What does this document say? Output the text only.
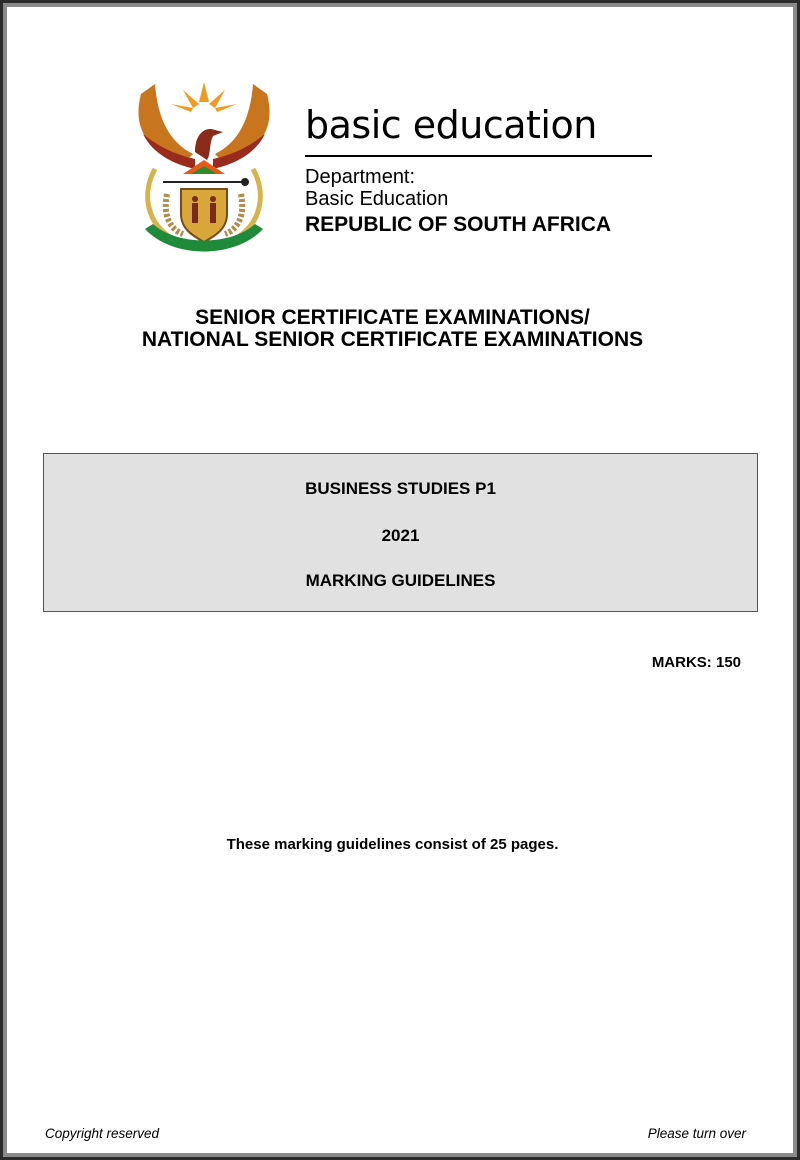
basic education
Department:
Basic Education
REPUBLIC OF SOUTH AFRICA
SENIOR CERTIFICATE EXAMINATIONS/
NATIONAL SENIOR CERTIFICATE EXAMINATIONS
BUSINESS STUDIES P1
2021
MARKING GUIDELINES
MARKS: 150
These marking guidelines consist of 25 pages.
Copyright reserved	Please turn over
